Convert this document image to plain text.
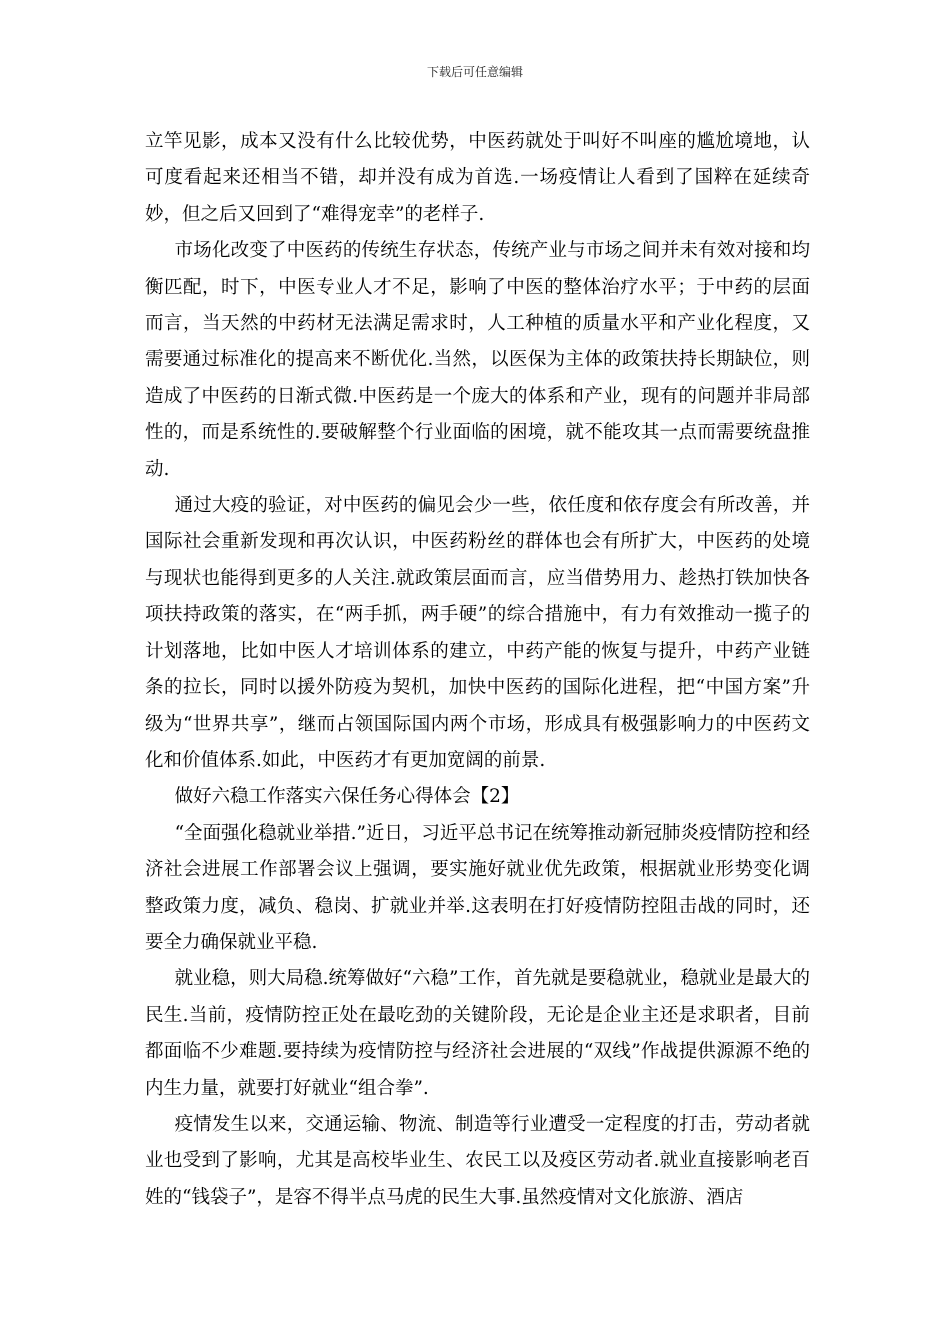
下载后可任意编辑

立竿见影，成本又没有什么比较优势，中医药就处于叫好不叫座的尴尬境地，认可度看起来还相当不错，却并没有成为首选.一场疫情让人看到了国粹在延续奇妙，但之后又回到了“难得宠幸”的老样子.

市场化改变了中医药的传统生存状态，传统产业与市场之间并未有效对接和均衡匹配，时下，中医专业人才不足，影响了中医的整体治疗水平；于中药的层面而言，当天然的中药材无法满足需求时，人工种植的质量水平和产业化程度，又需要通过标准化的提高来不断优化.当然，以医保为主体的政策扶持长期缺位，则造成了中医药的日渐式微.中医药是一个庞大的体系和产业，现有的问题并非局部性的，而是系统性的.要破解整个行业面临的困境，就不能攻其一点而需要统盘推动.

通过大疫的验证，对中医药的偏见会少一些，依任度和依存度会有所改善，并国际社会重新发现和再次认识，中医药粉丝的群体也会有所扩大，中医药的处境与现状也能得到更多的人关注.就政策层面而言，应当借势用力、趁热打铁加快各项扶持政策的落实，在“两手抓，两手硬”的综合措施中，有力有效推动一揽子的计划落地，比如中医人才培训体系的建立，中药产能的恢复与提升，中药产业链条的拉长，同时以援外防疫为契机，加快中医药的国际化进程，把“中国方案”升级为“世界共享”，继而占领国际国内两个市场，形成具有极强影响力的中医药文化和价值体系.如此，中医药才有更加宽阔的前景.

做好六稳工作落实六保任务心得体会【2】

“全面强化稳就业举措.”近日，习近平总书记在统筹推动新冠肺炎疫情防控和经济社会进展工作部署会议上强调，要实施好就业优先政策，根据就业形势变化调整政策力度，减负、稳岗、扩就业并举.这表明在打好疫情防控阻击战的同时，还要全力确保就业平稳.

就业稳，则大局稳.统筹做好“六稳”工作，首先就是要稳就业，稳就业是最大的民生.当前，疫情防控正处在最吃劲的关键阶段，无论是企业主还是求职者，目前都面临不少难题.要持续为疫情防控与经济社会进展的“双线”作战提供源源不绝的内生力量，就要打好就业“组合拳”.

疫情发生以来，交通运输、物流、制造等行业遭受一定程度的打击，劳动者就业也受到了影响，尤其是高校毕业生、农民工以及疫区劳动者.就业直接影响老百姓的“钱袋子”，是容不得半点马虎的民生大事.虽然疫情对文化旅游、酒店
